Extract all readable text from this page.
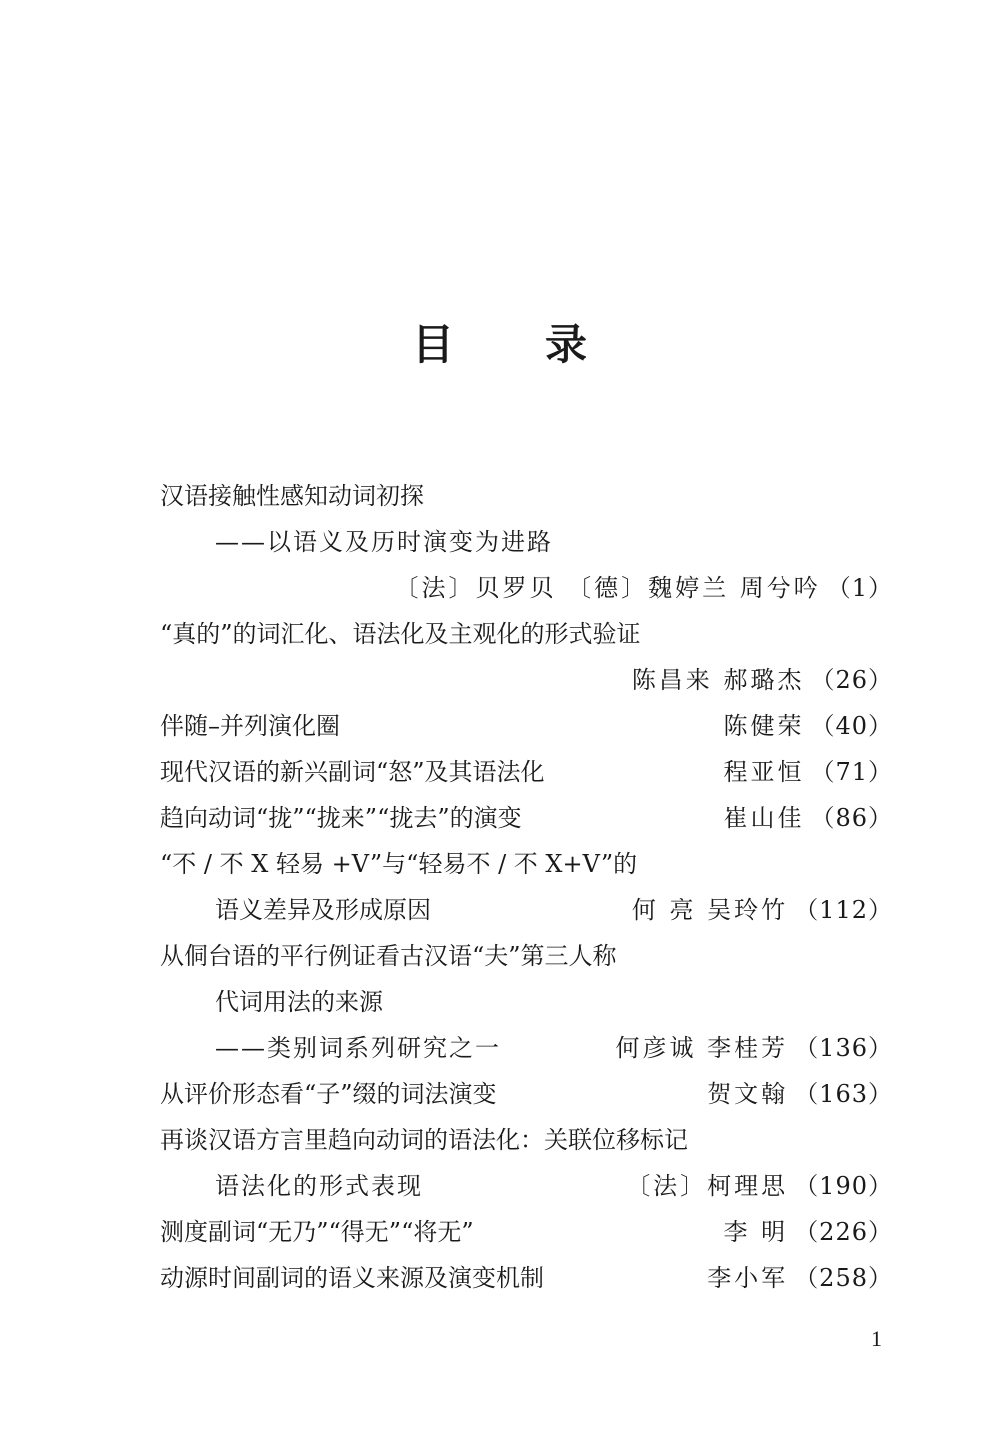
目 录
汉语接触性感知动词初探
——以语义及历时演变为进路
〔法〕贝罗贝 〔德〕魏婷兰 周兮吟 （1）
“真的”的词汇化、语法化及主观化的形式验证
陈昌来 郝璐杰 （26）
伴随–并列演化圈	陈健荣 （40）
现代汉语的新兴副词“怒”及其语法化	程亚恒 （71）
趋向动词“拢”“拢来”“拢去”的演变	崔山佳 （86）
“不 / 不 X 轻易 +V”与“轻易不 / 不 X+V”的
语义差异及形成原因	何 亮 吴玲竹 （112）
从侗台语的平行例证看古汉语“夫”第三人称
代词用法的来源
——类别词系列研究之一	何彦诚 李桂芳 （136）
从评价形态看“子”缀的词法演变	贺文翰 （163）
再谈汉语方言里趋向动词的语法化：关联位移标记
语法化的形式表现	〔法〕柯理思 （190）
测度副词“无乃”“得无”“将无”	李 明 （226）
动源时间副词的语义来源及演变机制	李小军 （258）
1
